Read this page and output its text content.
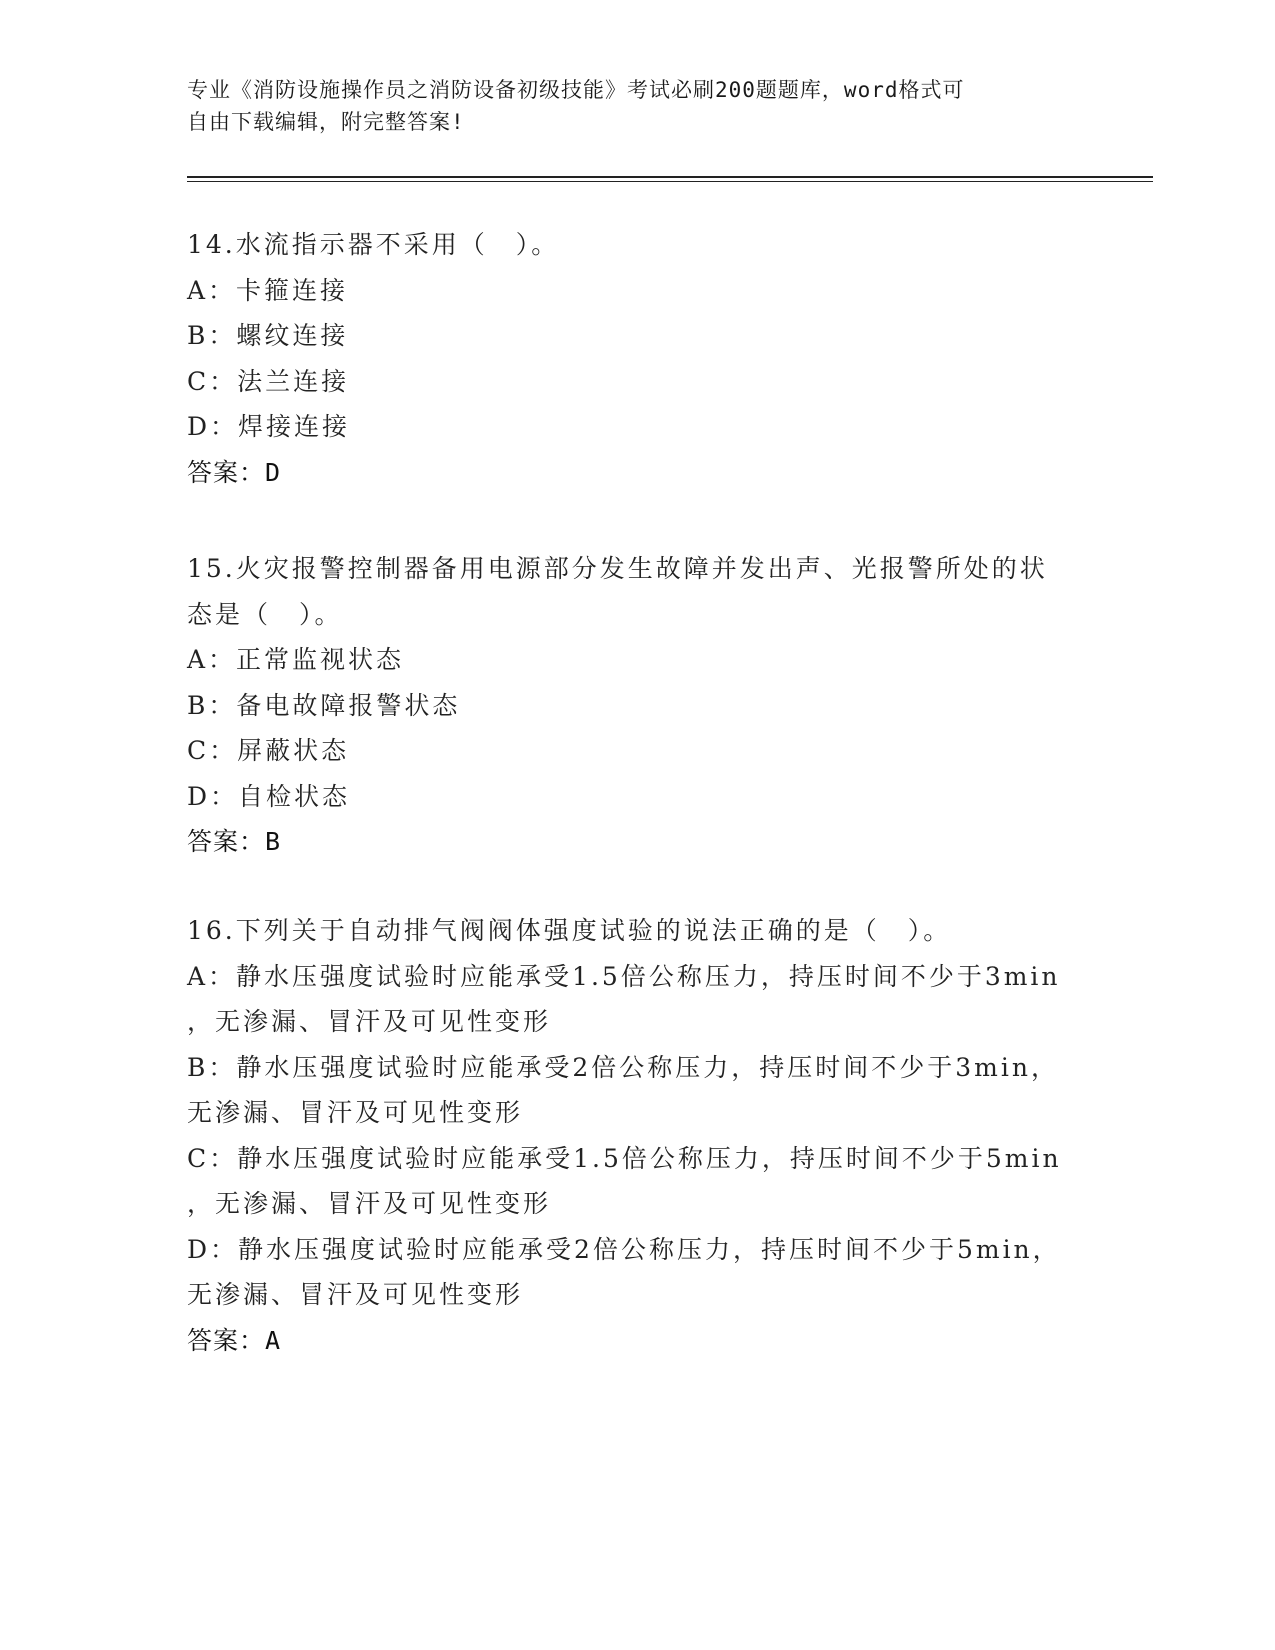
专业《消防设施操作员之消防设备初级技能》考试必刷200题题库，word格式可
自由下载编辑，附完整答案!
14.水流指示器不采用（　）。
A：卡箍连接
B：螺纹连接
C：法兰连接
D：焊接连接
答案：D
15.火灾报警控制器备用电源部分发生故障并发出声、光报警所处的状
态是（　）。
A：正常监视状态
B：备电故障报警状态
C：屏蔽状态
D：自检状态
答案：B
16.下列关于自动排气阀阀体强度试验的说法正确的是（　）。
A：静水压强度试验时应能承受1.5倍公称压力，持压时间不少于3min
，无渗漏、冒汗及可见性变形
B：静水压强度试验时应能承受2倍公称压力，持压时间不少于3min，
无渗漏、冒汗及可见性变形
C：静水压强度试验时应能承受1.5倍公称压力，持压时间不少于5min
，无渗漏、冒汗及可见性变形
D：静水压强度试验时应能承受2倍公称压力，持压时间不少于5min，
无渗漏、冒汗及可见性变形
答案：A
